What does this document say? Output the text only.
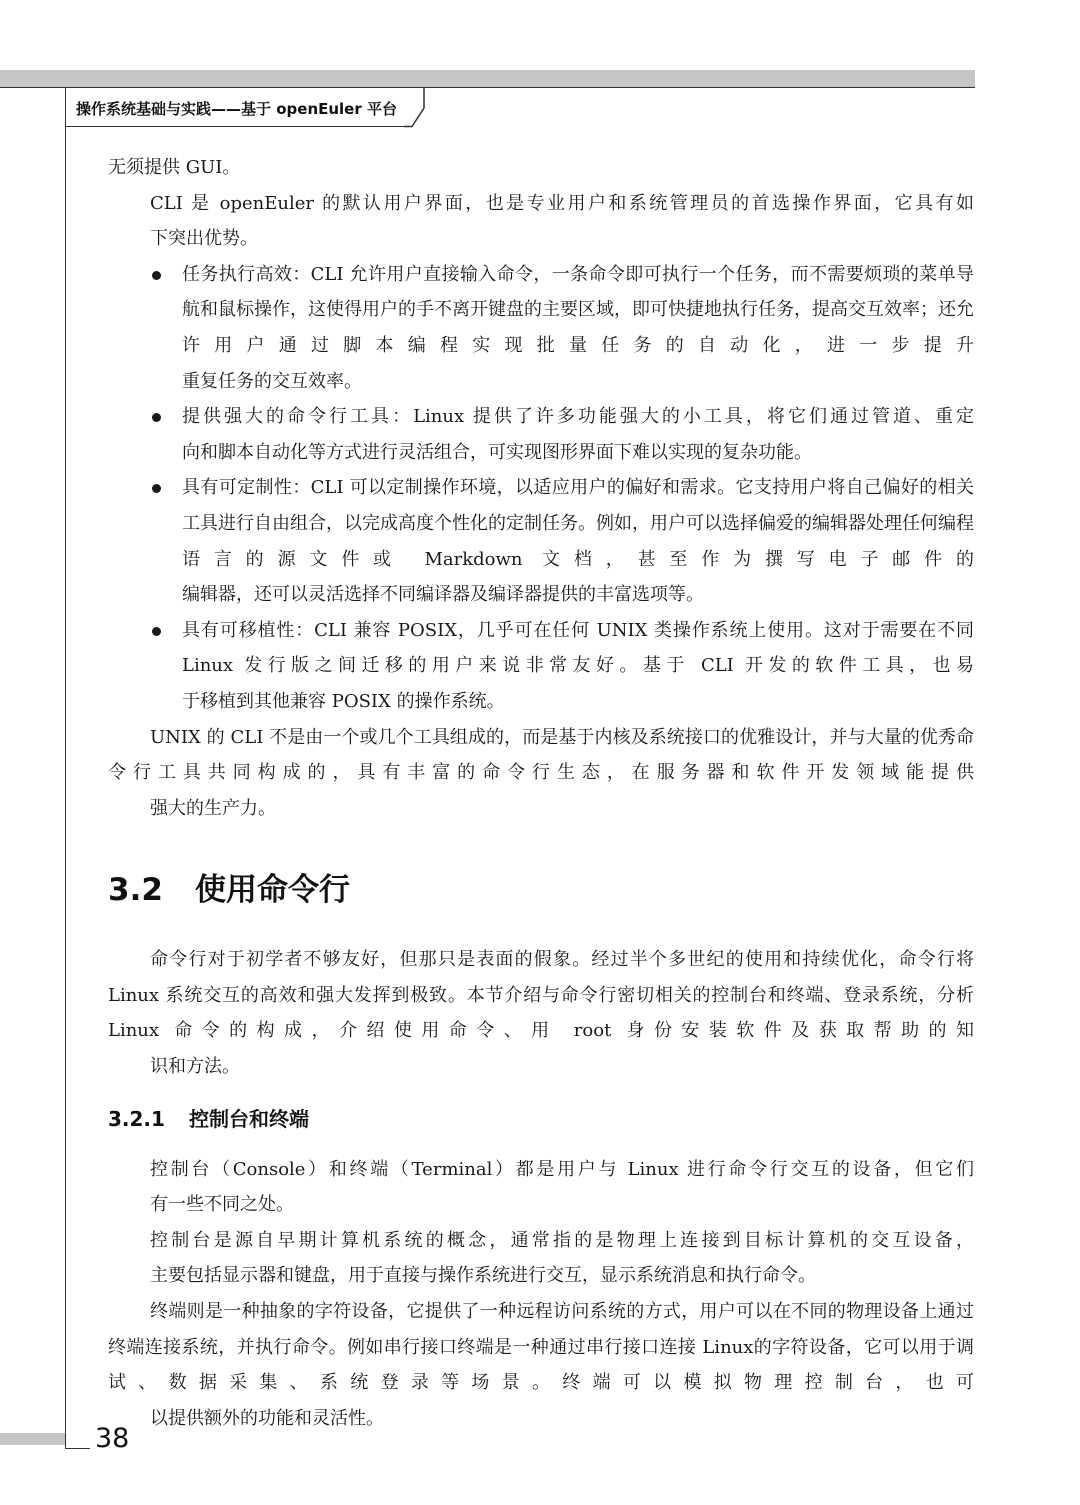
操作系统基础与实践——基于 openEuler 平台

无须提供 GUI。

CLI 是 openEuler 的默认用户界面，也是专业用户和系统管理员的首选操作界面，它具有如
下突出优势。

任务执行高效：CLI 允许用户直接输入命令，一条命令即可执行一个任务，而不需要烦琐的菜单导航和鼠标操作，这使得用户的手不离开键盘的主要区域，即可快捷地执行任务，提高交互效率；还允许用户通过脚本编程实现批量任务的自动化，进一步提升
重复任务的交互效率。

提供强大的命令行工具：Linux 提供了许多功能强大的小工具，将它们通过管道、重定
向和脚本自动化等方式进行灵活组合，可实现图形界面下难以实现的复杂功能。

具有可定制性：CLI 可以定制操作环境，以适应用户的偏好和需求。它支持用户将自己偏好的相关工具进行自由组合，以完成高度个性化的定制任务。例如，用户可以选择偏爱的编辑器处理任何编程语言的源文件或 Markdown 文档，甚至作为撰写电子邮件的
编辑器，还可以灵活选择不同编译器及编译器提供的丰富选项等。

具有可移植性：CLI 兼容 POSIX，几乎可在任何 UNIX 类操作系统上使用。这对于需要在不同 Linux 发行版之间迁移的用户来说非常友好。基于 CLI 开发的软件工具，也易
于移植到其他兼容 POSIX 的操作系统。

UNIX 的 CLI 不是由一个或几个工具组成的，而是基于内核及系统接口的优雅设计，并与大量的优秀命令行工具共同构成的，具有丰富的命令行生态，在服务器和软件开发领域能提供
强大的生产力。

3.2 使用命令行

命令行对于初学者不够友好，但那只是表面的假象。经过半个多世纪的使用和持续优化，命令行将 Linux 系统交互的高效和强大发挥到极致。本节介绍与命令行密切相关的控制台和终端、登录系统，分析 Linux 命令的构成，介绍使用命令、用 root 身份安装软件及获取帮助的知
识和方法。

3.2.1 控制台和终端

控制台（Console）和终端（Terminal）都是用户与 Linux 进行命令行交互的设备，但它们
有一些不同之处。

控制台是源自早期计算机系统的概念，通常指的是物理上连接到目标计算机的交互设备，
主要包括显示器和键盘，用于直接与操作系统进行交互，显示系统消息和执行命令。

终端则是一种抽象的字符设备，它提供了一种远程访问系统的方式，用户可以在不同的物理设备上通过终端连接系统，并执行命令。例如串行接口终端是一种通过串行接口连接 Linux的字符设备，它可以用于调试、数据采集、系统登录等场景。终端可以模拟物理控制台，也可
以提供额外的功能和灵活性。

38
